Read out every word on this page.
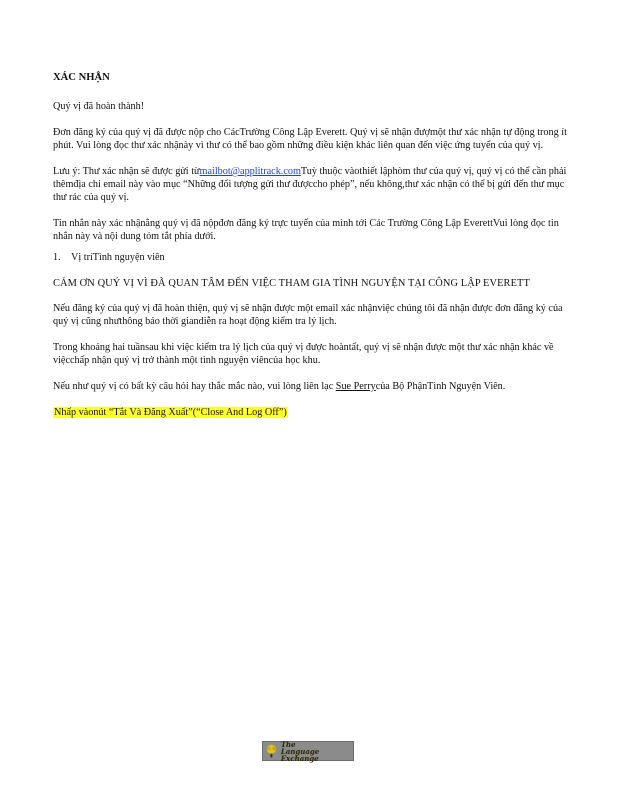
XÁC NHẬN

Quý vị đã hoàn thành!

Đơn đăng ký của quý vị đã được nộp cho CácTrường Công Lập Everett. Quý vị sẽ nhận đượmột thư xác nhận tự động trong ít phút. Vui lòng đọc thư xác nhậnày vì thư có thể bao gồm những điều kiện khác liên quan đến việc ứng tuyển của quý vị.

Lưu ý: Thư xác nhận sẽ được gửi từmailbot@applitrack.comTuỳ thuộc vàothiết lậphòm thư của quý vị, quý vị có thể cần phải thêmđịa chỉ email này vào mục “Những đối tượng gửi thư đượccho phép”, nếu không,thư xác nhận có thể bị gửi đến thư mục thư rác của quý vị.

Tin nhắn này xác nhậnằng quý vị đã nộpđơn đăng ký trực tuyến của mình tới Các Trường Công Lập EverettVui lòng đọc tin nhắn này và nội dung tóm tắt phía dưới.

1.	Vị tríTình nguyện viên
CẢM ƠN QUÝ VỊ VÌ ĐÃ QUAN TÂM ĐẾN VIỆC THAM GIA TÌNH NGUYỆN TẠI CÔNG LẬP EVERETT

Nếu đăng ký của quý vị đã hoàn thiện, quý vị sẽ nhận được một email xác nhậnviệc chúng tôi đã nhận được đơn đăng ký của quý vị cũng nhưthông báo thời giandiễn ra hoạt động kiểm tra lý lịch.

Trong khoảng hai tuầnsau khi việc kiểm tra lý lịch của quý vị được hoàntất, quý vị sẽ nhận được một thư xác nhận khác về việcchấp nhận quý vị trở thành một tình nguyện viêncủa học khu.

Nếu như quý vị có bất kỳ câu hỏi hay thắc mắc nào, vui lòng liên lạc Sue Perrycủa Bộ PhậnTình Nguyện Viên.

Nhấp vàonút “Tắt Và Đăng Xuất”(“Close And Log Off”)

The
Language Exchange
